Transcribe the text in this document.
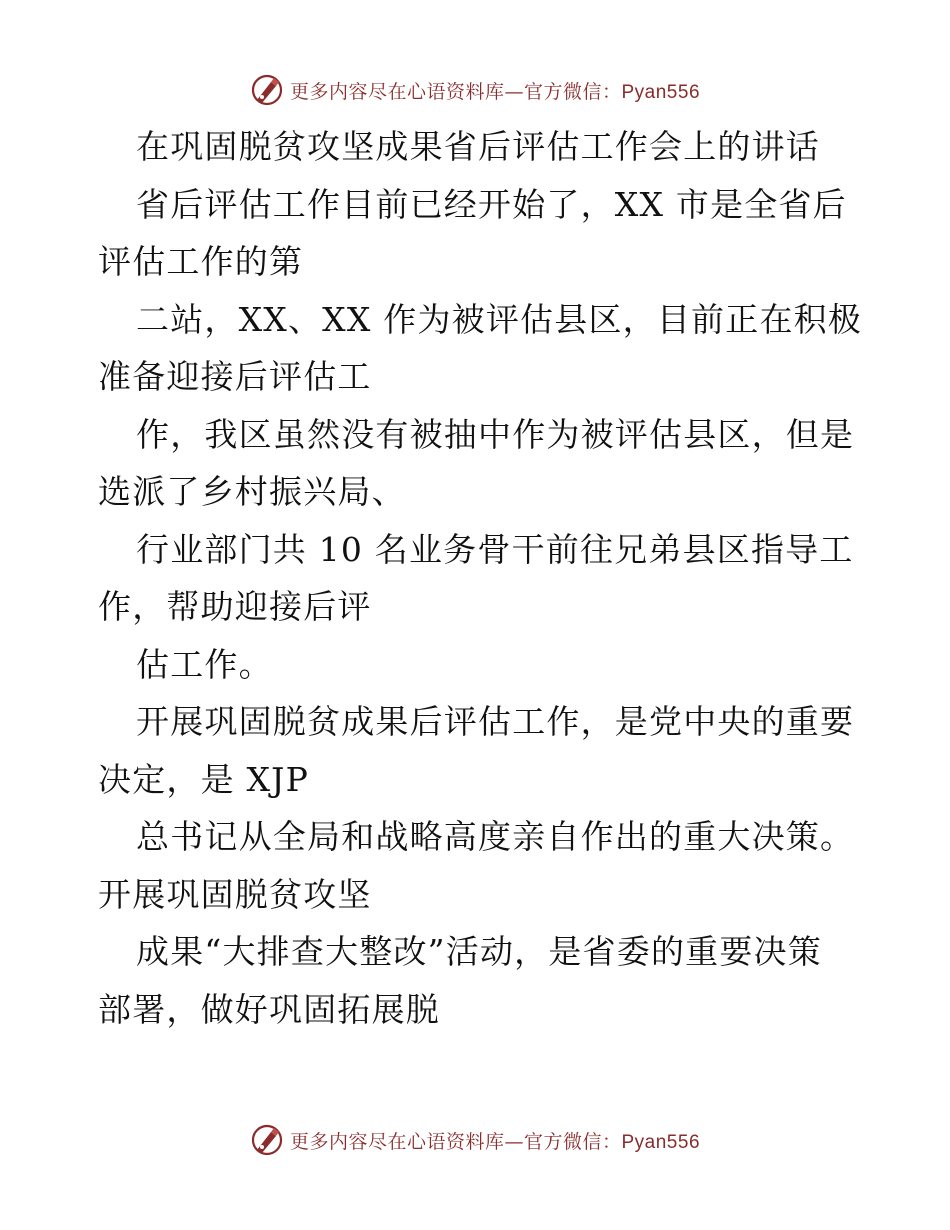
更多内容尽在心语资料库—官方微信：Pyan556
在巩固脱贫攻坚成果省后评估工作会上的讲话
省后评估工作目前已经开始了，XX 市是全省后
评估工作的第
二站，XX、XX 作为被评估县区，目前正在积极
准备迎接后评估工
作，我区虽然没有被抽中作为被评估县区，但是
选派了乡村振兴局、
行业部门共 10 名业务骨干前往兄弟县区指导工
作，帮助迎接后评
估工作。
开展巩固脱贫成果后评估工作，是党中央的重要
决定，是 XJP
总书记从全局和战略高度亲自作出的重大决策。
开展巩固脱贫攻坚
成果“大排查大整改”活动，是省委的重要决策
部署，做好巩固拓展脱
更多内容尽在心语资料库—官方微信：Pyan556
